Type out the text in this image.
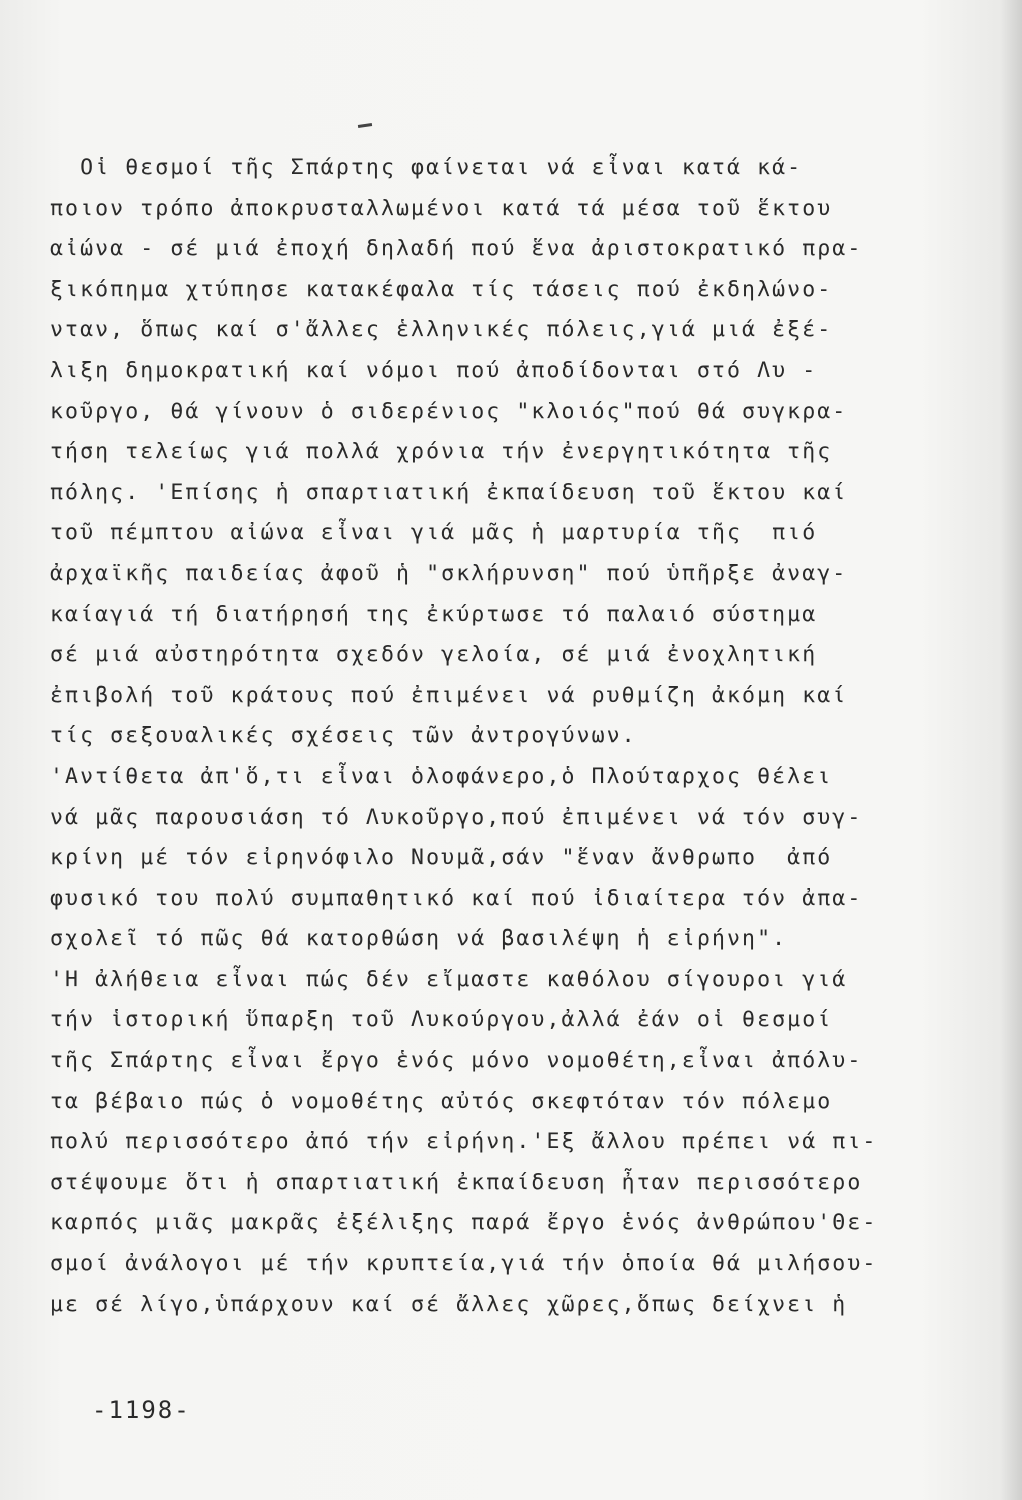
Οἱ θεσμοί τῆς Σπάρτης φαίνεται νά εἶναι κατά κά-
ποιον τρόπο ἀποκρυσταλλωμένοι κατά τά μέσα τοῦ ἕκτου
αἰώνα - σέ μιά ἐποχή δηλαδή πού ἕνα ἀριστοκρατικό πρα-
ξικόπημα χτύπησε κατακέφαλα τίς τάσεις πού ἐκδηλώνο-
νταν, ὅπως καί σ'ἄλλες ἑλληνικές πόλεις,γιά μιά ἐξέ-
λιξη δημοκρατική καί νόμοι πού ἀποδίδονται στό Λυ -
κοῦργο, θά γίνουν ὁ σιδερένιος "κλοιός"πού θά συγκρα-
τήση τελείως γιά πολλά χρόνια τήν ἐνεργητικότητα τῆς
πόλης. 'Επίσης ἡ σπαρτιατική ἐκπαίδευση τοῦ ἕκτου καί
τοῦ πέμπτου αἰώνα εἶναι γιά μᾶς ἡ μαρτυρία τῆς  πιό
ἀρχαϊκῆς παιδείας ἀφοῦ ἡ "σκλήρυνση" πού ὑπῆρξε ἀναγ-
καίαγιά τή διατήρησή της ἐκύρτωσε τό παλαιό σύστημα
σέ μιά αὐστηρότητα σχεδόν γελοία, σέ μιά ἐνοχλητική
ἐπιβολή τοῦ κράτους πού ἐπιμένει νά ρυθμίζη ἀκόμη καί
τίς σεξουαλικές σχέσεις τῶν ἀντρογύνων.
'Αντίθετα ἀπ'ὅ,τι εἶναι ὁλοφάνερο,ὁ Πλούταρχος θέλει
νά μᾶς παρουσιάση τό Λυκοῦργο,πού ἐπιμένει νά τόν συγ-
κρίνη μέ τόν εἰρηνόφιλο Νουμᾶ,σάν "ἕναν ἄνθρωπο  ἀπό
φυσικό του πολύ συμπαθητικό καί πού ἰδιαίτερα τόν ἀπα-
σχολεῖ τό πῶς θά κατορθώση νά βασιλέψη ἡ εἰρήνη".
'Η ἀλήθεια εἶναι πώς δέν εἴμαστε καθόλου σίγουροι γιά
τήν ἱστορική ὕπαρξη τοῦ Λυκούργου,ἀλλά ἐάν οἱ θεσμοί
τῆς Σπάρτης εἶναι ἔργο ἑνός μόνο νομοθέτη,εἶναι ἀπόλυ-
τα βέβαιο πώς ὁ νομοθέτης αὐτός σκεφτόταν τόν πόλεμο
πολύ περισσότερο ἀπό τήν εἰρήνη.'Εξ ἄλλου πρέπει νά πι-
στέψουμε ὅτι ἡ σπαρτιατική ἐκπαίδευση ἦταν περισσότερο
καρπός μιᾶς μακρᾶς ἐξέλιξης παρά ἔργο ἑνός ἀνθρώπου'Θε-
σμοί ἀνάλογοι μέ τήν κρυπτεία,γιά τήν ὁποία θά μιλήσου-
με σέ λίγο,ὑπάρχουν καί σέ ἄλλες χῶρες,ὅπως δείχνει ἡ
-1198-
